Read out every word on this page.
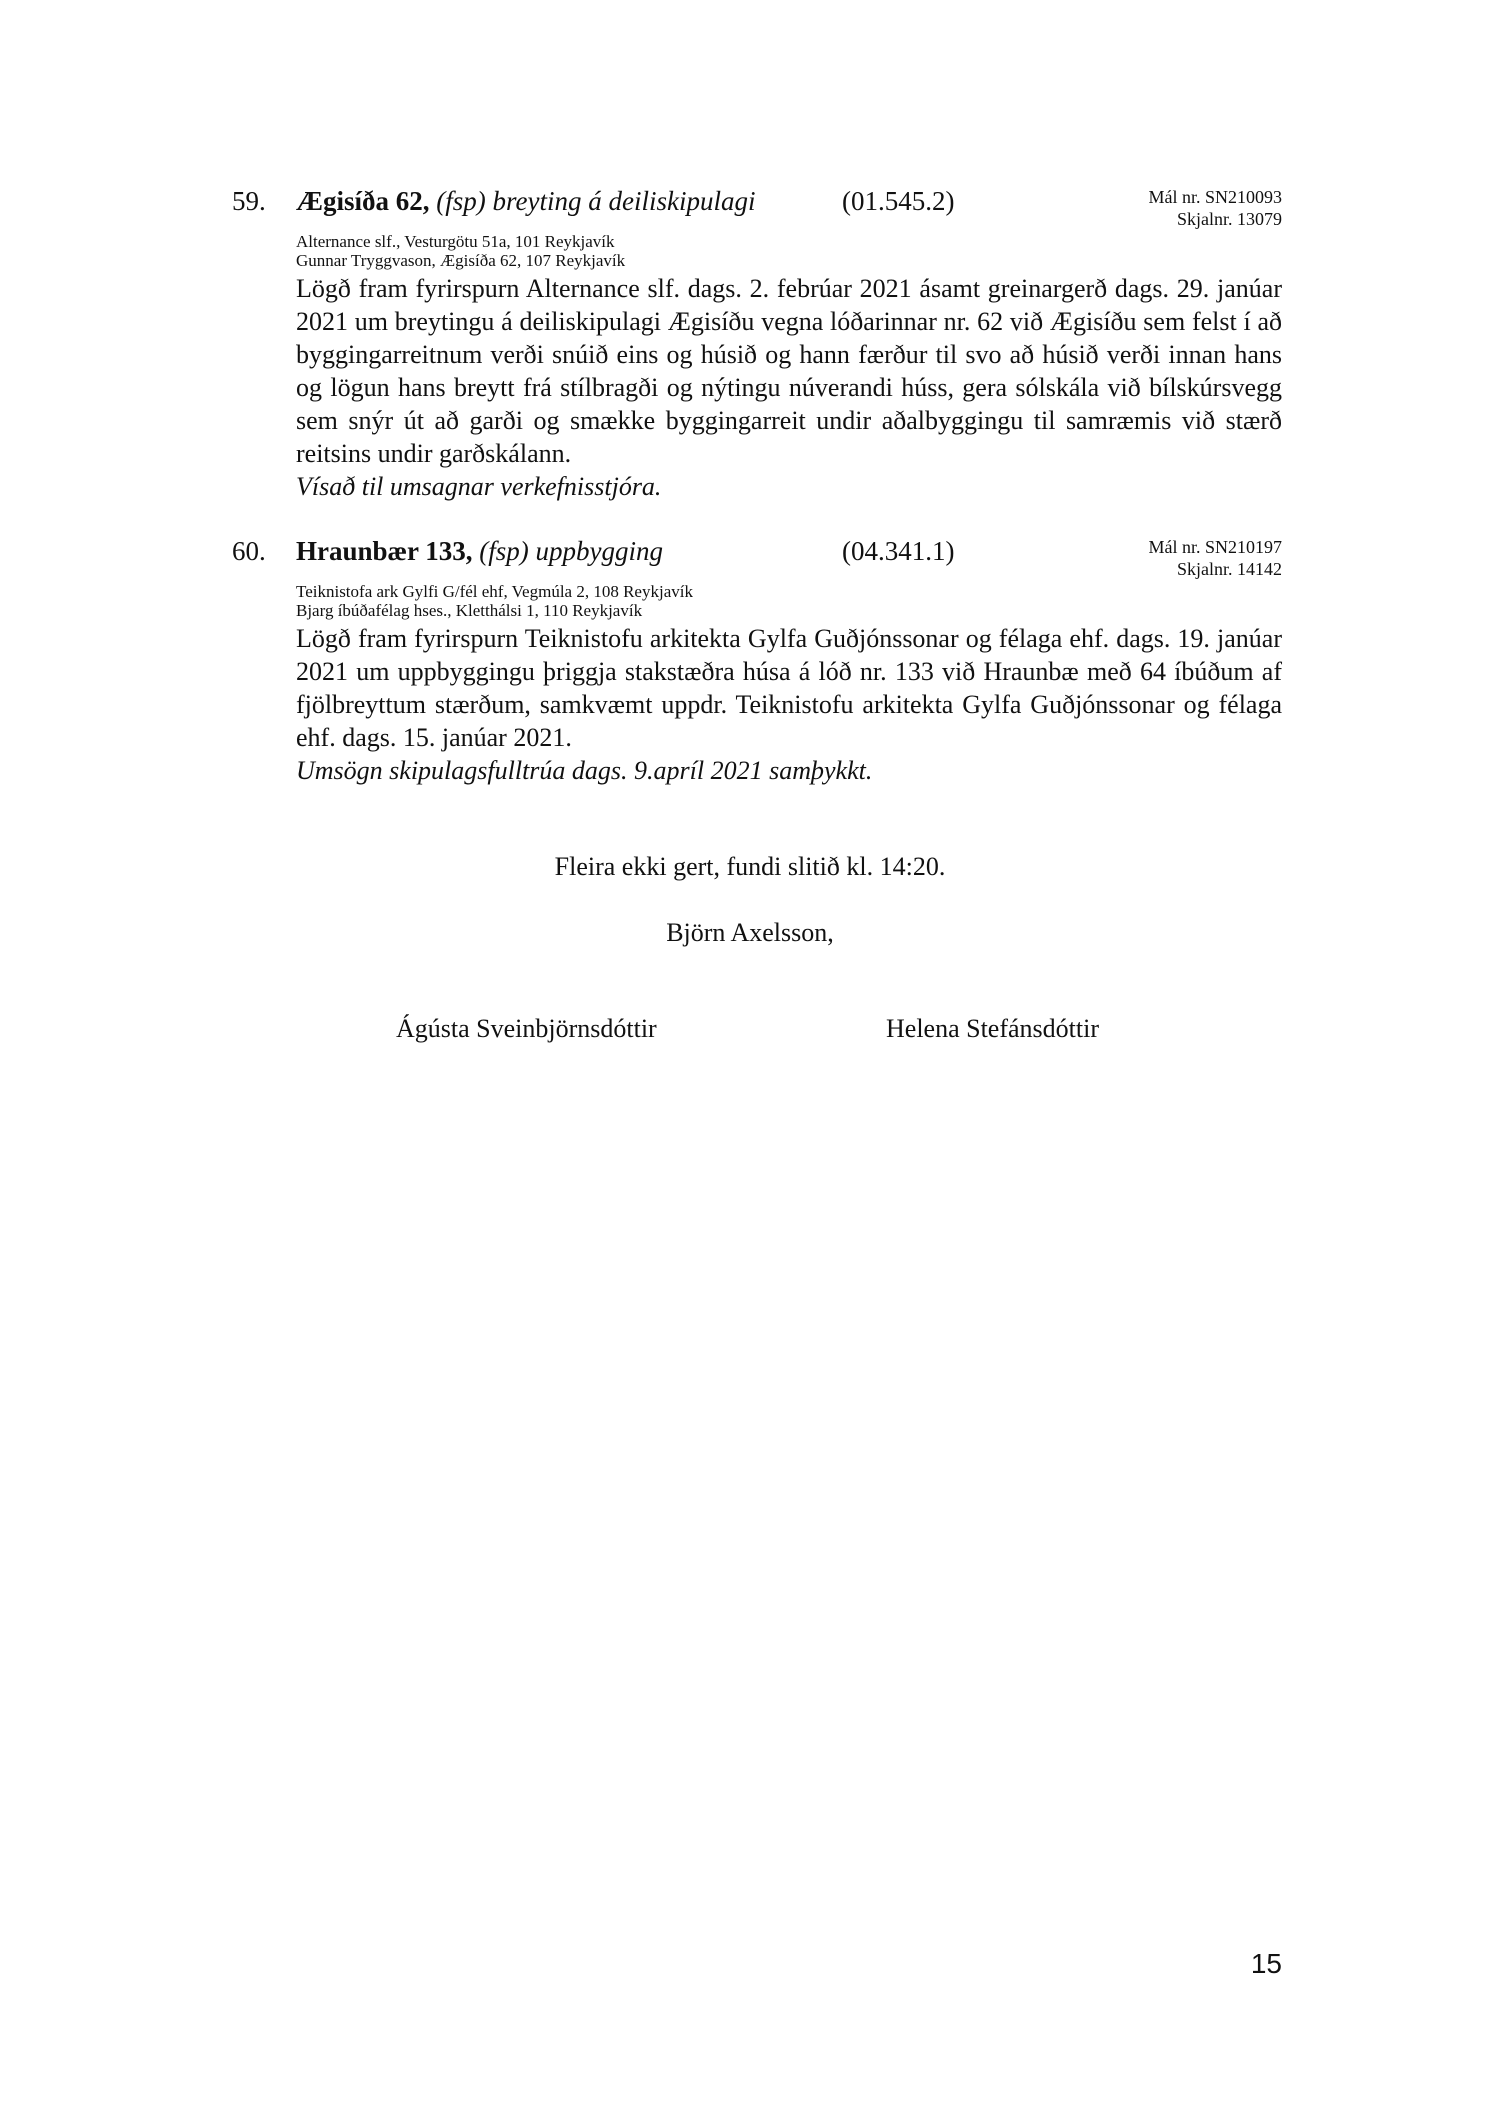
59. Ægisíða 62, (fsp) breyting á deiliskipulagi	(01.545.2)	Mál nr. SN210093
Skjalnr. 13079
Alternance slf., Vesturgötu 51a, 101 Reykjavík
Gunnar Tryggvason, Ægisíða 62, 107 Reykjavík
Lögð fram fyrirspurn Alternance slf. dags. 2. febrúar 2021 ásamt greinargerð dags. 29. janúar 2021 um breytingu á deiliskipulagi Ægisíðu vegna lóðarinnar nr. 62 við Ægisíðu sem felst í að byggingarreitnum verði snúið eins og húsið og hann færður til svo að húsið verði innan hans og lögun hans breytt frá stílbragði og nýtingu núverandi húss, gera sólskála við bílskúrsvegg sem snýr út að garði og smække byggingarreit undir aðalbyggingu til samræmis við stærð reitsins undir garðskálann.
Vísað til umsagnar verkefnisstjóra.
60. Hraunbær 133, (fsp) uppbygging	(04.341.1)	Mál nr. SN210197
Skjalnr. 14142
Teiknistofa ark Gylfi G/fél ehf, Vegmúla 2, 108 Reykjavík
Bjarg íbúðafélag hses., Kletthálsi 1, 110 Reykjavík
Lögð fram fyrirspurn Teiknistofu arkitekta Gylfa Guðjónssonar og félaga ehf. dags. 19. janúar 2021 um uppbyggingu þriggja stakstæðra húsa á lóð nr. 133 við Hraunbæ með 64 íbúðum af fjölbreyttum stærðum, samkvæmt uppdr. Teiknistofu arkitekta Gylfa Guðjónssonar og félaga ehf. dags. 15. janúar 2021.
Umsögn skipulagsfulltrúa dags. 9.apríl 2021 samþykkt.
Fleira ekki gert, fundi slitið kl. 14:20.
Björn Axelsson,
Ágústa Sveinbjörnsdóttir	Helena Stefánsdóttir
15
